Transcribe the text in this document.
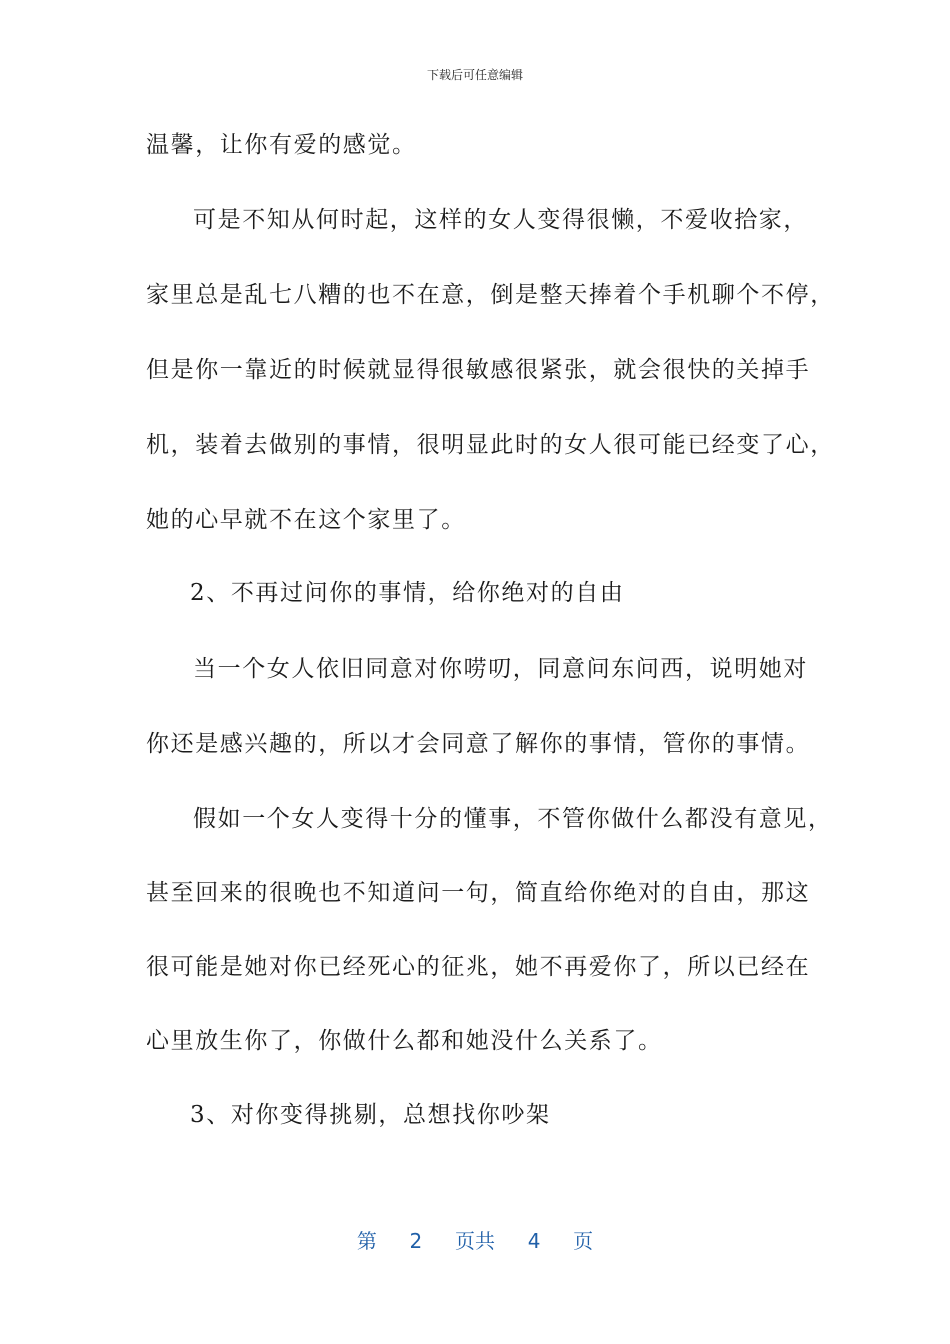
下载后可任意编辑
温馨，让你有爱的感觉。
可是不知从何时起，这样的女人变得很懒，不爱收拾家，
家里总是乱七八糟的也不在意，倒是整天捧着个手机聊个不停，
但是你一靠近的时候就显得很敏感很紧张，就会很快的关掉手
机，装着去做别的事情，很明显此时的女人很可能已经变了心，
她的心早就不在这个家里了。
2、不再过问你的事情，给你绝对的自由
当一个女人依旧同意对你唠叨，同意问东问西，说明她对
你还是感兴趣的，所以才会同意了解你的事情，管你的事情。
假如一个女人变得十分的懂事，不管你做什么都没有意见，
甚至回来的很晚也不知道问一句，简直给你绝对的自由，那这
很可能是她对你已经死心的征兆，她不再爱你了，所以已经在
心里放生你了，你做什么都和她没什么关系了。
3、对你变得挑剔，总想找你吵架
第 2 页共 4 页
